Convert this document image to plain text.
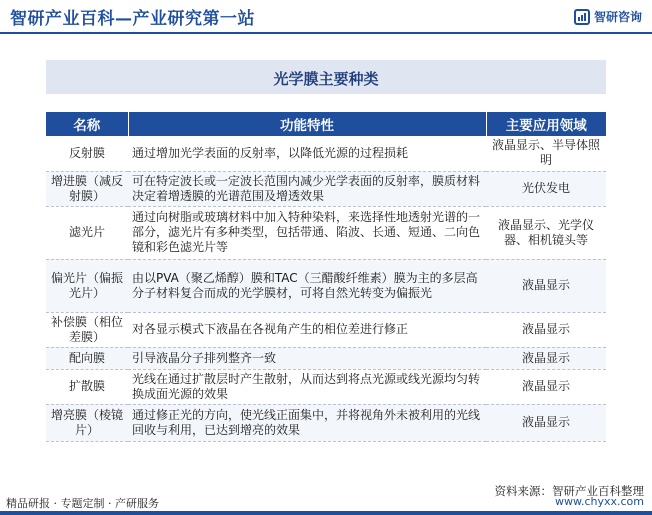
智研产业百科—产业研究第一站	智研咨询
光学膜主要种类
名称	功能特性	主要应用领域
反射膜	通过增加光学表面的反射率，以降低光源的过程损耗	液晶显示、半导体照明
增进膜（减反射膜）	可在特定波长或一定波长范围内减少光学表面的反射率，膜质材料决定着增透膜的光谱范围及增透效果	光伏发电
滤光片	通过向树脂或玻璃材料中加入特种染料，来选择性地透射光谱的一部分，滤光片有多种类型，包括带通、陷波、长通、短通、二向色镜和彩色滤光片等	液晶显示、光学仪器、相机镜头等
偏光片（偏振光片）	由以PVA（聚乙烯醇）膜和TAC（三醋酸纤维素）膜为主的多层高分子材料复合而成的光学膜材，可将自然光转变为偏振光	液晶显示
补偿膜（相位差膜）	对各显示模式下液晶在各视角产生的相位差进行修正	液晶显示
配向膜	引导液晶分子排列整齐一致	液晶显示
扩散膜	光线在通过扩散层时产生散射，从而达到将点光源或线光源均匀转换成面光源的效果	液晶显示
增亮膜（棱镜片）	通过修正光的方向，使光线正面集中，并将视角外未被利用的光线回收与利用，已达到增亮的效果	液晶显示
资料来源：智研产业百科整理
精品研报 · 专题定制 · 产研服务	www.chyxx.com
